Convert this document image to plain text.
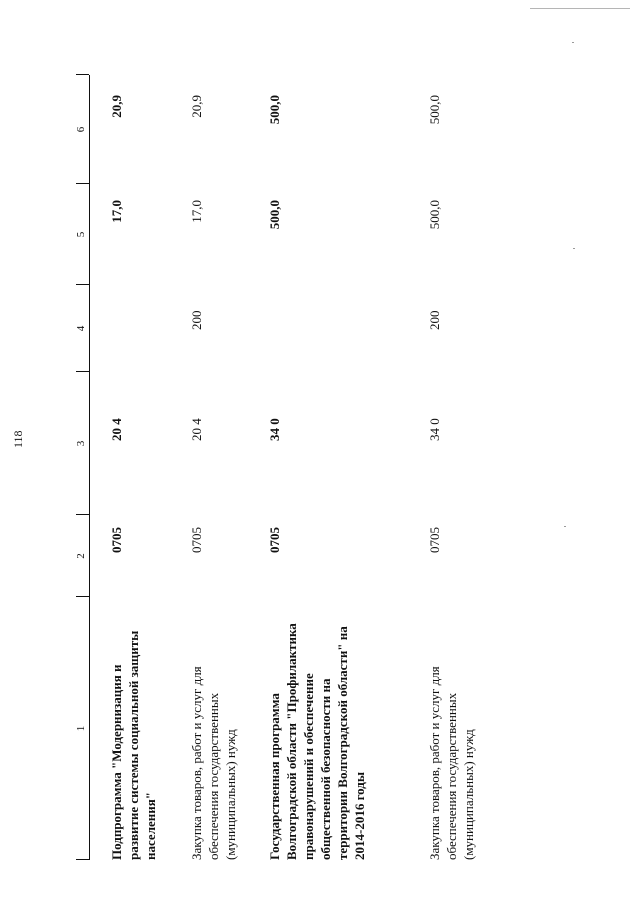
118
1
2
3
4
5
6
Подпрограмма "Модернизация и развитие системы социальной защиты населения"
0705
20 4
17,0
20,9
Закупка товаров, работ и услуг для обеспечения государственных (муниципальных) нужд
0705
20 4
200
17,0
20,9
Государственная программа Волгоградской области "Профилактика правонарушений и обеспечение общественной безопасности на территории Волгоградской области" на 2014-2016 годы
0705
34 0
500,0
500,0
Закупка товаров, работ и услуг для обеспечения государственных (муниципальных) нужд
0705
34 0
200
500,0
500,0
